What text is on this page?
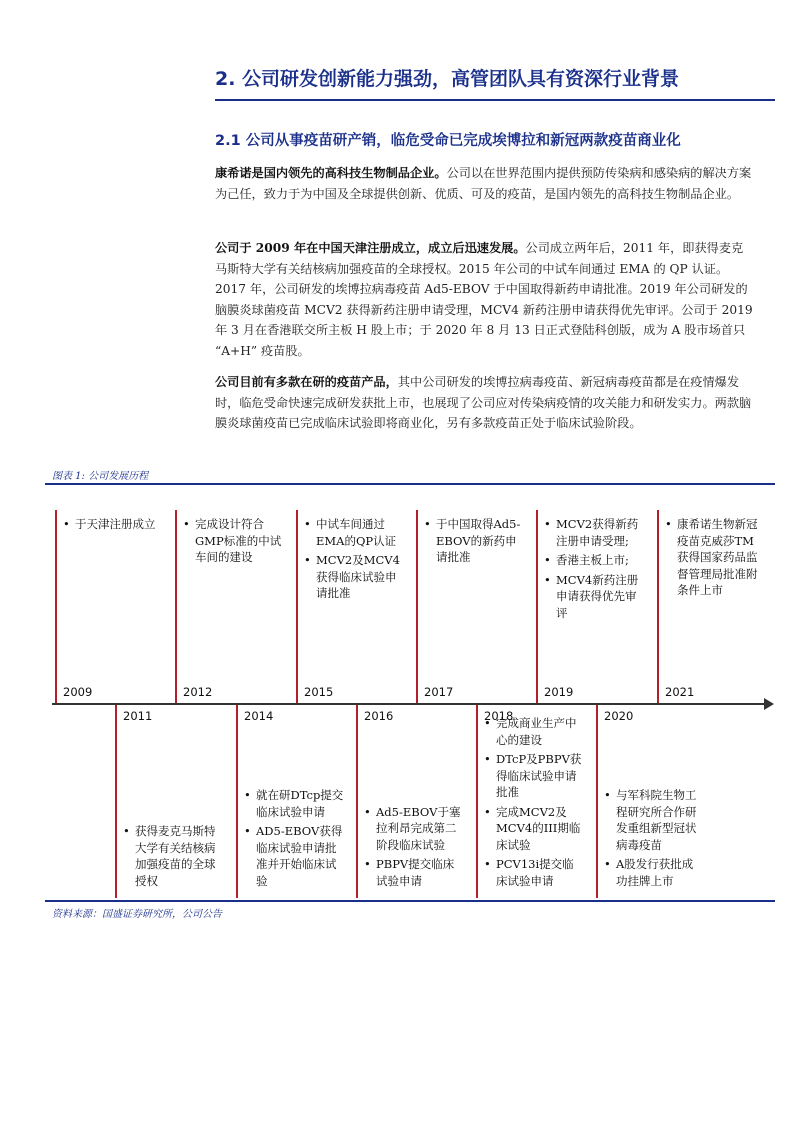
2. 公司研发创新能力强劲，高管团队具有资深行业背景
2.1 公司从事疫苗研产销，临危受命已完成埃博拉和新冠两款疫苗商业化
康希诺是国内领先的高科技生物制品企业。公司以在世界范围内提供预防传染病和感染病的解决方案为己任，致力于为中国及全球提供创新、优质、可及的疫苗，是国内领先的高科技生物制品企业。
公司于 2009 年在中国天津注册成立，成立后迅速发展。公司成立两年后，2011 年，即获得麦克马斯特大学有关结核病加强疫苗的全球授权。2015 年公司的中试车间通过 EMA 的 QP 认证。2017 年，公司研发的埃博拉病毒疫苗 Ad5-EBOV 于中国取得新药申请批准。2019 年公司研发的脑膜炎球菌疫苗 MCV2 获得新药注册申请受理，MCV4 新药注册申请获得优先审评。公司于 2019 年 3 月在香港联交所主板 H 股上市；于 2020 年 8 月 13 日正式登陆科创版，成为 A 股市场首只 “A+H” 疫苗股。
公司目前有多款在研的疫苗产品，其中公司研发的埃博拉病毒疫苗、新冠病毒疫苗都是在疫情爆发时，临危受命快速完成研发获批上市，也展现了公司应对传染病疫情的攻关能力和研发实力。两款脑膜炎球菌疫苗已完成临床试验即将商业化，另有多款疫苗正处于临床试验阶段。
图表 1: 公司发展历程
• 于天津注册成立
2009
• 完成设计符合GMP标准的中试车间的建设
2012
• 中试车间通过EMA的QP认证
• MCV2及MCV4获得临床试验申请批准
2015
• 于中国取得Ad5-EBOV的新药申请批准
2017
• MCV2获得新药注册申请受理;
• 香港主板上市;
• MCV4新药注册申请获得优先审评
2019
• 康希诺生物新冠疫苗克威莎TM获得国家药品监督管理局批准附条件上市
2021
• 获得麦克马斯特大学有关结核病加强疫苗的全球授权
2011
• 就在研DTcp提交临床试验申请
• AD5-EBOV获得临床试验申请批准并开始临床试验
2014
• Ad5-EBOV于塞拉利昂完成第二阶段临床试验
• PBPV提交临床试验申请
2016
•	完成商业生产中心的建设
• DTcP及PBPV获得临床试验申请批准
• 完成MCV2及MCV4的III期临床试验
• PCV13i提交临床试验申请
2018
• 与军科院生物工程研究所合作研发重组新型冠状病毒疫苗
• A股发行获批成功挂牌上市
2020
资料来源：国盛证券研究所，公司公告
